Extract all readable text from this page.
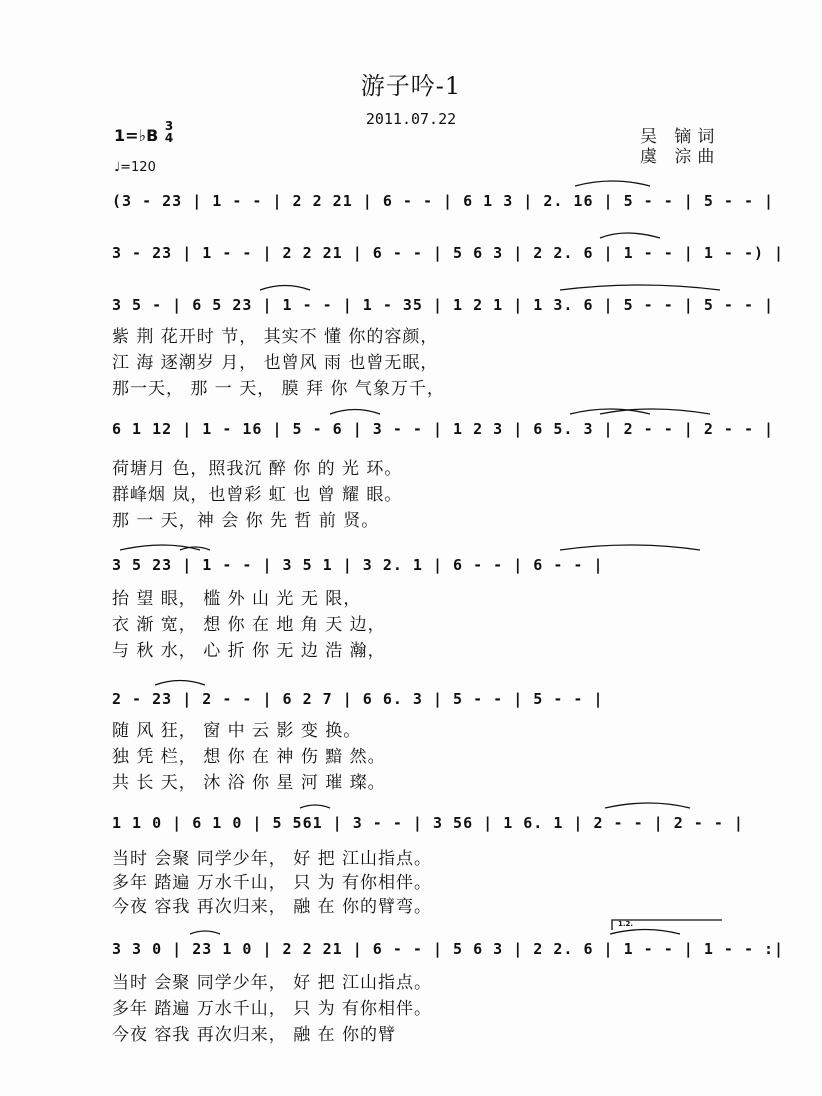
游子吟-1
2011.07.22
1=♭B 3
4
♩=120
吴 镝词
虞 淙曲
(3 - 23 | 1 - - | 2 2 21 | 6 - - | 6 1 3 | 2. 16 | 5 - - | 5 - - |
3 - 23 | 1 - - | 2 2 21 | 6 - - | 5 6 3 | 2 2. 6 | 1 - - | 1 - -) |
3 5 - | 6 5 23 | 1 - - | 1 - 35 | 1 2 1 | 1 3. 6 | 5 - - | 5 - - |
紫 荆 花开时 节， 其实不 懂 你的容颜，
江 海 逐潮岁 月， 也曾风 雨 也曾无眠，
那一天， 那 一 天， 膜 拜 你 气象万千，
6 1 12 | 1 - 16 | 5 - 6 | 3 - - | 1 2 3 | 6 5. 3 | 2 - - | 2 - - |
荷塘月 色，照我沉 醉 你 的 光 环。
群峰烟 岚，也曾彩 虹 也 曾 耀 眼。
那 一 天，神 会 你 先 哲 前 贤。
3 5 23 | 1 - - | 3 5 1 | 3 2. 1 | 6 - - | 6 - - |
抬 望 眼， 槛 外 山 光 无 限，
衣 渐 宽， 想 你 在 地 角 天 边，
与 秋 水， 心 折 你 无 边 浩 瀚，
2 - 23 | 2 - - | 6 2 7 | 6 6. 3 | 5 - - | 5 - - |
随 风 狂， 窗 中 云 影 变 换。
独 凭 栏， 想 你 在 神 伤 黯 然。
共 长 天， 沐 浴 你 星 河 璀 璨。
1 1 0 | 6 1 0 | 5 561 | 3 - - | 3 56 | 1 6. 1 | 2 - - | 2 - - |
当时 会聚 同学少年， 好 把 江山指点。
多年 踏遍 万水千山， 只 为 有你相伴。
今夜 容我 再次归来， 融 在 你的臂弯。
1.2.
3 3 0 | 23 1 0 | 2 2 21 | 6 - - | 5 6 3 | 2 2. 6 | 1 - - | 1 - - :|
当时 会聚 同学少年， 好 把 江山指点。
多年 踏遍 万水千山， 只 为 有你相伴。
今夜 容我 再次归来， 融 在 你的臂
